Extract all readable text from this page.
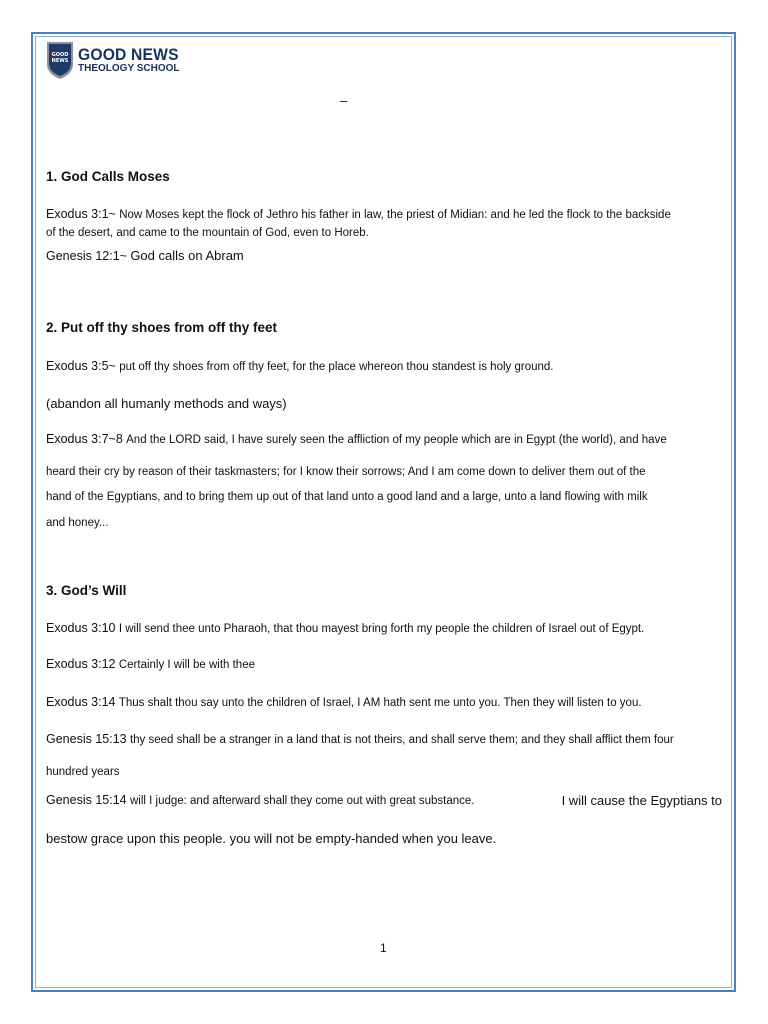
GOOD
NEWS GOOD NEWS
THEOLOGY SCHOOL
–
1. God Calls Moses
Exodus 3:1~ Now Moses kept the flock of Jethro his father in law, the priest of Midian: and he led the flock to the backside
of the desert, and came to the mountain of God, even to Horeb.
Genesis 12:1~ God calls on Abram
2. Put off thy shoes from off thy feet
Exodus 3:5~ put off thy shoes from off thy feet, for the place whereon thou standest is holy ground.
(abandon all humanly methods and ways)
Exodus 3:7~8 And the LORD said, I have surely seen the affliction of my people which are in Egypt (the world), and have
heard their cry by reason of their taskmasters; for I know their sorrows; And I am come down to deliver them out of the
hand of the Egyptians, and to bring them up out of that land unto a good land and a large, unto a land flowing with milk
and honey...
3. God’s Will
Exodus 3:10 I will send thee unto Pharaoh, that thou mayest bring forth my people the children of Israel out of Egypt.
Exodus 3:12 Certainly I will be with thee
Exodus 3:14 Thus shalt thou say unto the children of Israel, I AM hath sent me unto you. Then they will listen to you.
Genesis 15:13 thy seed shall be a stranger in a land that is not theirs, and shall serve them; and they shall afflict them four
hundred years
Genesis 15:14 will I judge: and afterward shall they come out with great substance.	I will cause the Egyptians to
bestow grace upon this people. you will not be empty-handed when you leave.
1
